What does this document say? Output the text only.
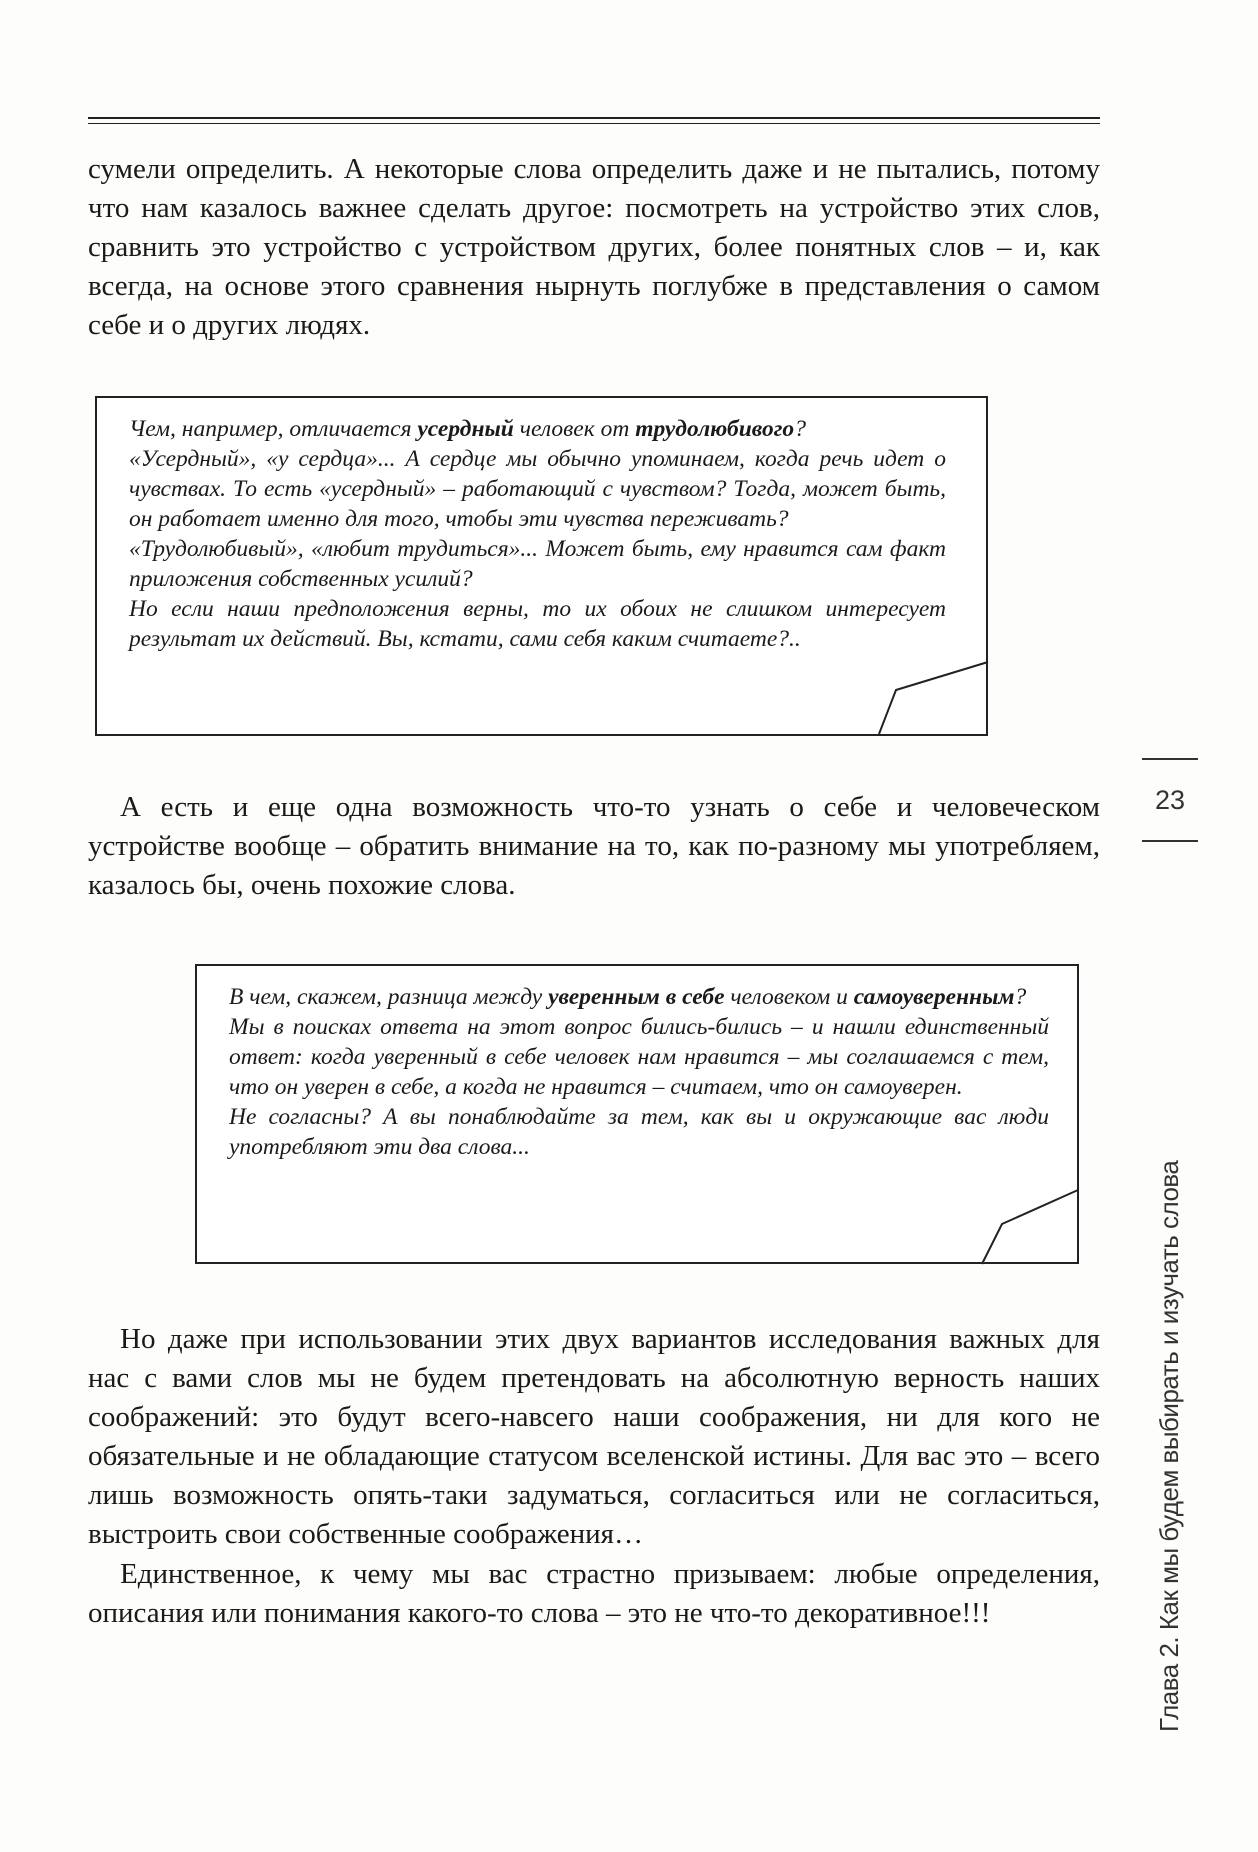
сумели определить. А некоторые слова определить даже и не пытались, потому что нам казалось важнее сделать другое: посмотреть на устройство этих слов, сравнить это устройство с устройством других, более понятных слов – и, как всегда, на основе этого сравнения нырнуть поглубже в представления о самом себе и о других людях.

Чем, например, отличается усердный человек от трудолюбивого?

«Усердный», «у сердца»... А сердце мы обычно упоминаем, когда речь идет о чувствах. То есть «усердный» – работающий с чувством? Тогда, может быть, он работает именно для того, чтобы эти чувства переживать?

«Трудолюбивый», «любит трудиться»... Может быть, ему нравится сам факт приложения собственных усилий?

Но если наши предположения верны, то их обоих не слишком интересует результат их действий. Вы, кстати, сами себя каким считаете?..

А есть и еще одна возможность что-то узнать о себе и человеческом устройстве вообще – обратить внимание на то, как по-разному мы употребляем, казалось бы, очень похожие слова.

В чем, скажем, разница между уверенным в себе человеком и самоуверенным?

Мы в поисках ответа на этот вопрос бились-бились – и нашли единственный ответ: когда уверенный в себе человек нам нравится – мы соглашаемся с тем, что он уверен в себе, а когда не нравится – считаем, что он самоуверен.

Не согласны? А вы понаблюдайте за тем, как вы и окружающие вас люди употребляют эти два слова...

Но даже при использовании этих двух вариантов исследования важных для нас с вами слов мы не будем претендовать на абсолютную верность наших соображений: это будут всего-навсего наши соображения, ни для кого не обязательные и не обладающие статусом вселенской истины. Для вас это – всего лишь возможность опять-таки задуматься, согласиться или не согласиться, выстроить свои собственные соображения…

Единственное, к чему мы вас страстно призываем: любые определения, описания или понимания какого-то слова – это не что-то декоративное!!!

23
Глава 2. Как мы будем выбирать и изучать слова
